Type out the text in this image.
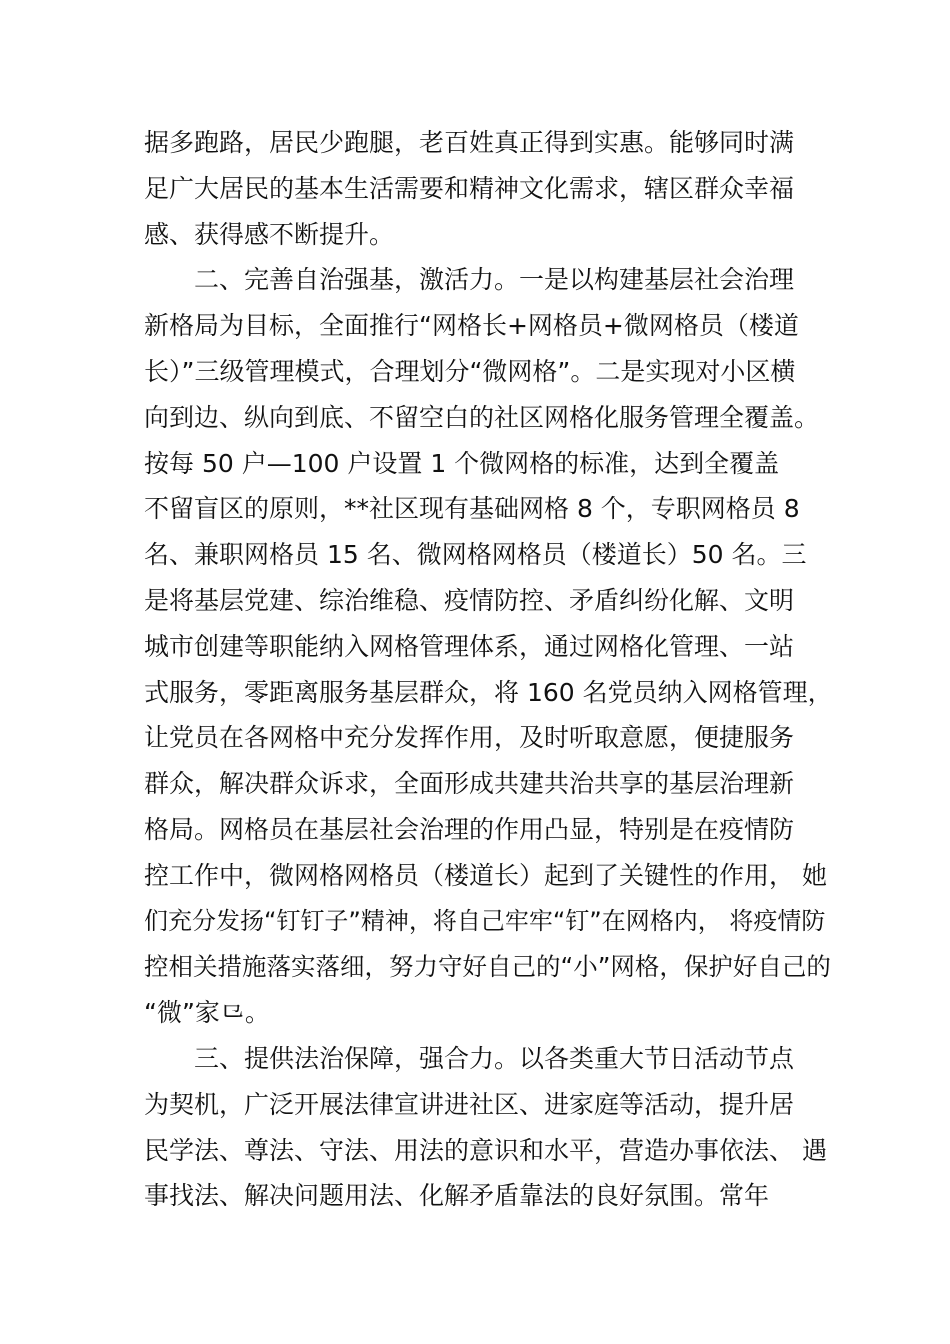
据多跑路，居民少跑腿，老百姓真正得到实惠。能够同时满
足广大居民的基本生活需要和精神文化需求，辖区群众幸福
感、获得感不断提升。
二、完善自治强基，激活力。一是以构建基层社会治理
新格局为目标，全面推行“网格长+网格员+微网格员（楼道
长）”三级管理模式，合理划分“微网格”。二是实现对小区横
向到边、纵向到底、不留空白的社区网格化服务管理全覆盖。
按每 50 户—100 户设置 1 个微网格的标准，达到全覆盖
不留盲区的原则，**社区现有基础网格 8 个，专职网格员 8
名、兼职网格员 15 名、微网格网格员（楼道长）50 名。三
是将基层党建、综治维稳、疫情防控、矛盾纠纷化解、文明
城市创建等职能纳入网格管理体系，通过网格化管理、一站
式服务，零距离服务基层群众，将 160 名党员纳入网格管理，
让党员在各网格中充分发挥作用，及时听取意愿，便捷服务
群众，解决群众诉求，全面形成共建共治共享的基层治理新
格局。网格员在基层社会治理的作用凸显，特别是在疫情防
控工作中，微网格网格员（楼道长）起到了关键性的作用， 她
们充分发扬“钉钉子”精神，将自己牢牢“钉”在网格内， 将疫情防
控相关措施落实落细，努力守好自己的“小”网格，保护好自己的
“微”家⺋。
三、提供法治保障，强合力。以各类重大节日活动节点
为契机，广泛开展法律宣讲进社区、进家庭等活动，提升居
民学法、尊法、守法、用法的意识和水平，营造办事依法、 遇
事找法、解决问题用法、化解矛盾靠法的良好氛围。常年
